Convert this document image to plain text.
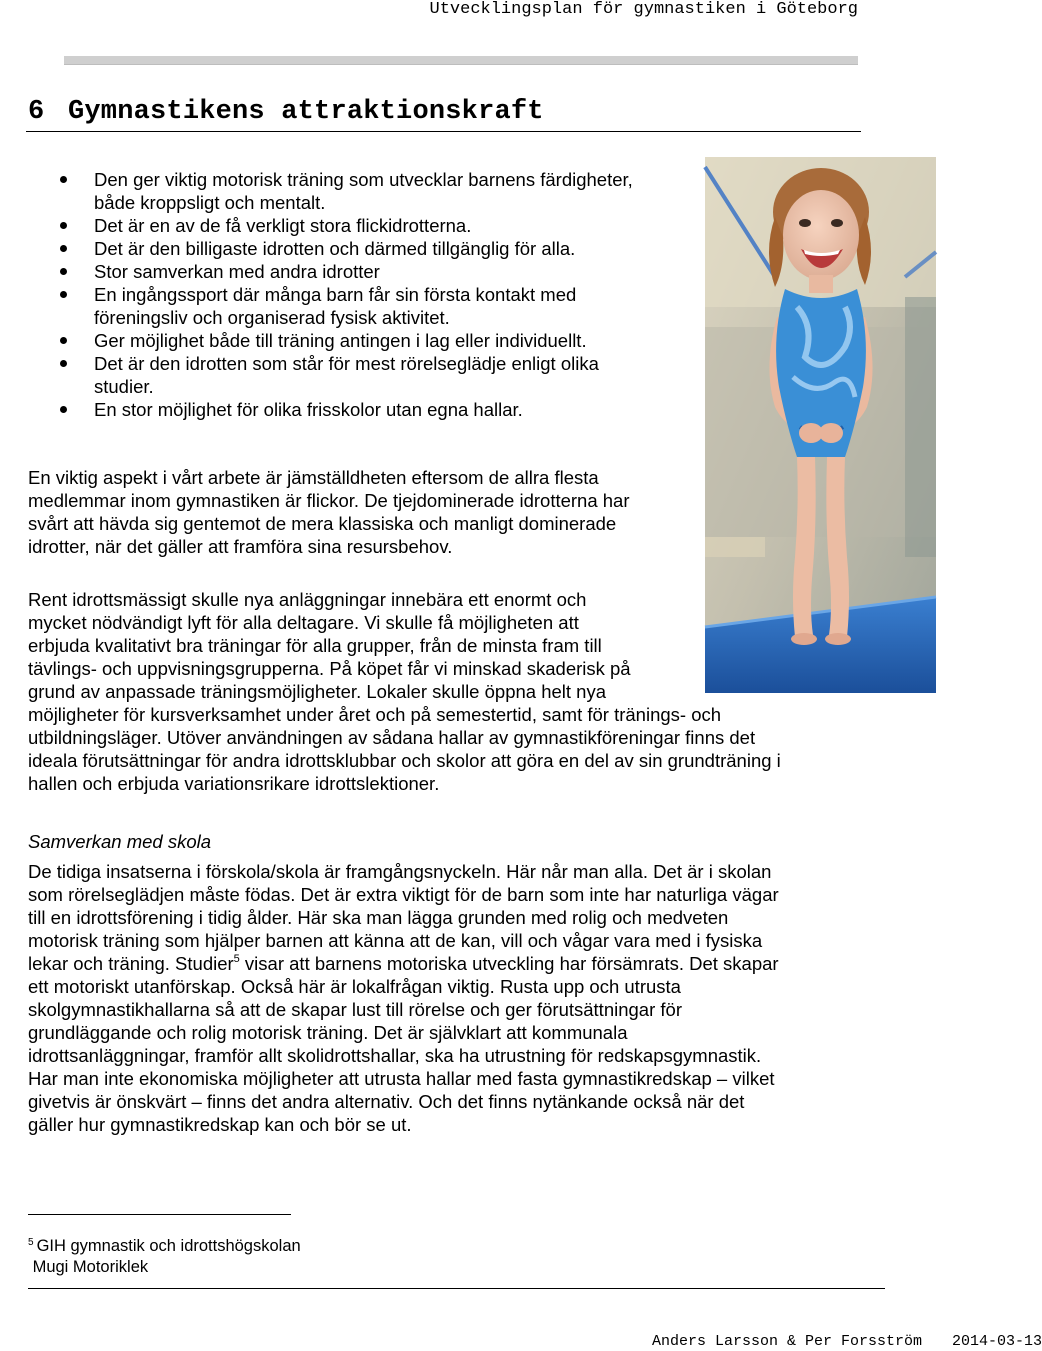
Utvecklingsplan för gymnastiken i Göteborg
6 Gymnastikens attraktionskraft
Den ger viktig motorisk träning som utvecklar barnens färdigheter,
både kroppsligt och mentalt.
Det är en av de få verkligt stora flickidrotterna.
Det är den billigaste idrotten och därmed tillgänglig för alla.
Stor samverkan med andra idrotter
En ingångssport där många barn får sin första kontakt med
föreningsliv och organiserad fysisk aktivitet.
Ger möjlighet både till träning antingen i lag eller individuellt.
Det är den idrotten som står för mest rörelseglädje enligt olika
studier.
En stor möjlighet för olika frisskolor utan egna hallar.

En viktig aspekt i vårt arbete är jämställdheten eftersom de allra flesta
medlemmar inom gymnastiken är flickor. De tjejdominerade idrotterna har
svårt att hävda sig gentemot de mera klassiska och manligt dominerade
idrotter, när det gäller att framföra sina resursbehov.

Rent idrottsmässigt skulle nya anläggningar innebära ett enormt och
mycket nödvändigt lyft för alla deltagare. Vi skulle få möjligheten att
erbjuda kvalitativt bra träningar för alla grupper, från de minsta fram till
tävlings- och uppvisningsgrupperna. På köpet får vi minskad skaderisk på
grund av anpassade träningsmöjligheter. Lokaler skulle öppna helt nya
möjligheter för kursverksamhet under året och på semestertid, samt för tränings- och
utbildningsläger. Utöver användningen av sådana hallar av gymnastikföreningar finns det
ideala förutsättningar för andra idrottsklubbar och skolor att göra en del av sin grundträning i
hallen och erbjuda variationsrikare idrottslektioner.

Samverkan med skola

De tidiga insatserna i förskola/skola är framgångsnyckeln. Här når man alla. Det är i skolan
som rörelseglädjen måste födas. Det är extra viktigt för de barn som inte har naturliga vägar
till en idrottsförening i tidig ålder. Här ska man lägga grunden med rolig och medveten
motorisk träning som hjälper barnen att känna att de kan, vill och vågar vara med i fysiska
lekar och träning. Studier$^5$ visar att barnens motoriska utveckling har försämrats. Det skapar
ett motoriskt utanförskap. Också här är lokalfrågan viktig. Rusta upp och utrusta
skolgymnastikhallarna så att de skapar lust till rörelse och ger förutsättningar för
grundläggande och rolig motorisk träning. Det är självklart att kommunala
idrottsanläggningar, framför allt skolidrottshallar, ska ha utrustning för redskapsgymnastik.
Har man inte ekonomiska möjligheter att utrusta hallar med fasta gymnastikredskap – vilket
givetvis är önskvärt – finns det andra alternativ. Och det finns nytänkande också när det
gäller hur gymnastikredskap kan och bör se ut.

$^5$ GIH gymnastik och idrottshögskolan
Mugi Motoriklek
Anders Larsson & Per Forsström 2014-03-13
